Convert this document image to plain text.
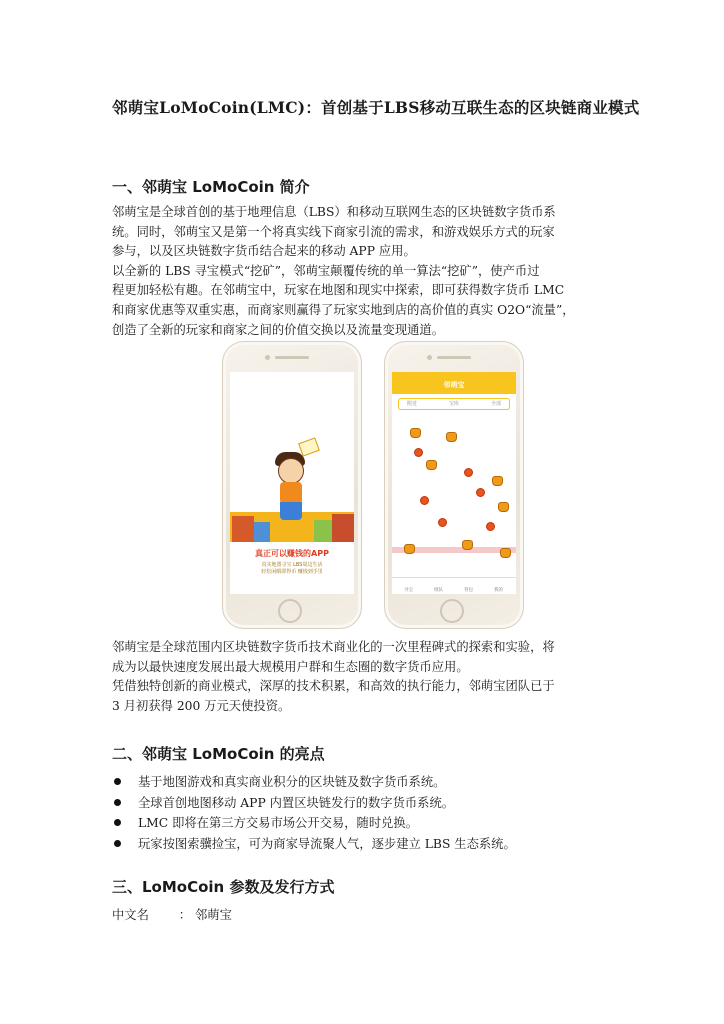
邻萌宝LoMoCoin(LMC)：首创基于LBS移动互联生态的区块链商业模式
一、邻萌宝 LoMoCoin 简介
邻萌宝是全球首创的基于地理信息（LBS）和移动互联网生态的区块链数字货币系
统。同时，邻萌宝又是第一个将真实线下商家引流的需求，和游戏娱乐方式的玩家
参与，以及区块链数字货币结合起来的移动 APP 应用。
以全新的 LBS 寻宝模式“挖矿”，邻萌宝颠覆传统的单一算法“挖矿”，使产币过
程更加轻松有趣。在邻萌宝中，玩家在地图和现实中探索，即可获得数字货币 LMC
和商家优惠等双重实惠，而商家则赢得了玩家实地到店的高价值的真实 O2O“流量”，
创造了全新的玩家和商家之间的价值交换以及流量变现通道。
LoMoCoin
邻萌宝
真正可以赚钱的APP
真实地图寻宝 LBS周边生活
轻松闲暇即得币 赚钱到手里
邻萌宝
附近	宝库	全部
寻宝	组队	背包	我的
邻萌宝是全球范围内区块链数字货币技术商业化的一次里程碑式的探索和实验，将
成为以最快速度发展出最大规模用户群和生态圈的数字货币应用。
凭借独特创新的商业模式，深厚的技术积累，和高效的执行能力，邻萌宝团队已于
3 月初获得 200 万元天使投资。
二、邻萌宝 LoMoCoin 的亮点
基于地图游戏和真实商业积分的区块链及数字货币系统。
全球首创地图移动 APP 内置区块链发行的数字货币系统。
LMC 即将在第三方交易市场公开交易，随时兑换。
玩家按图索骥捡宝，可为商家导流聚人气，逐步建立 LBS 生态系统。
三、LoMoCoin 参数及发行方式
中文名 ： 邻萌宝
